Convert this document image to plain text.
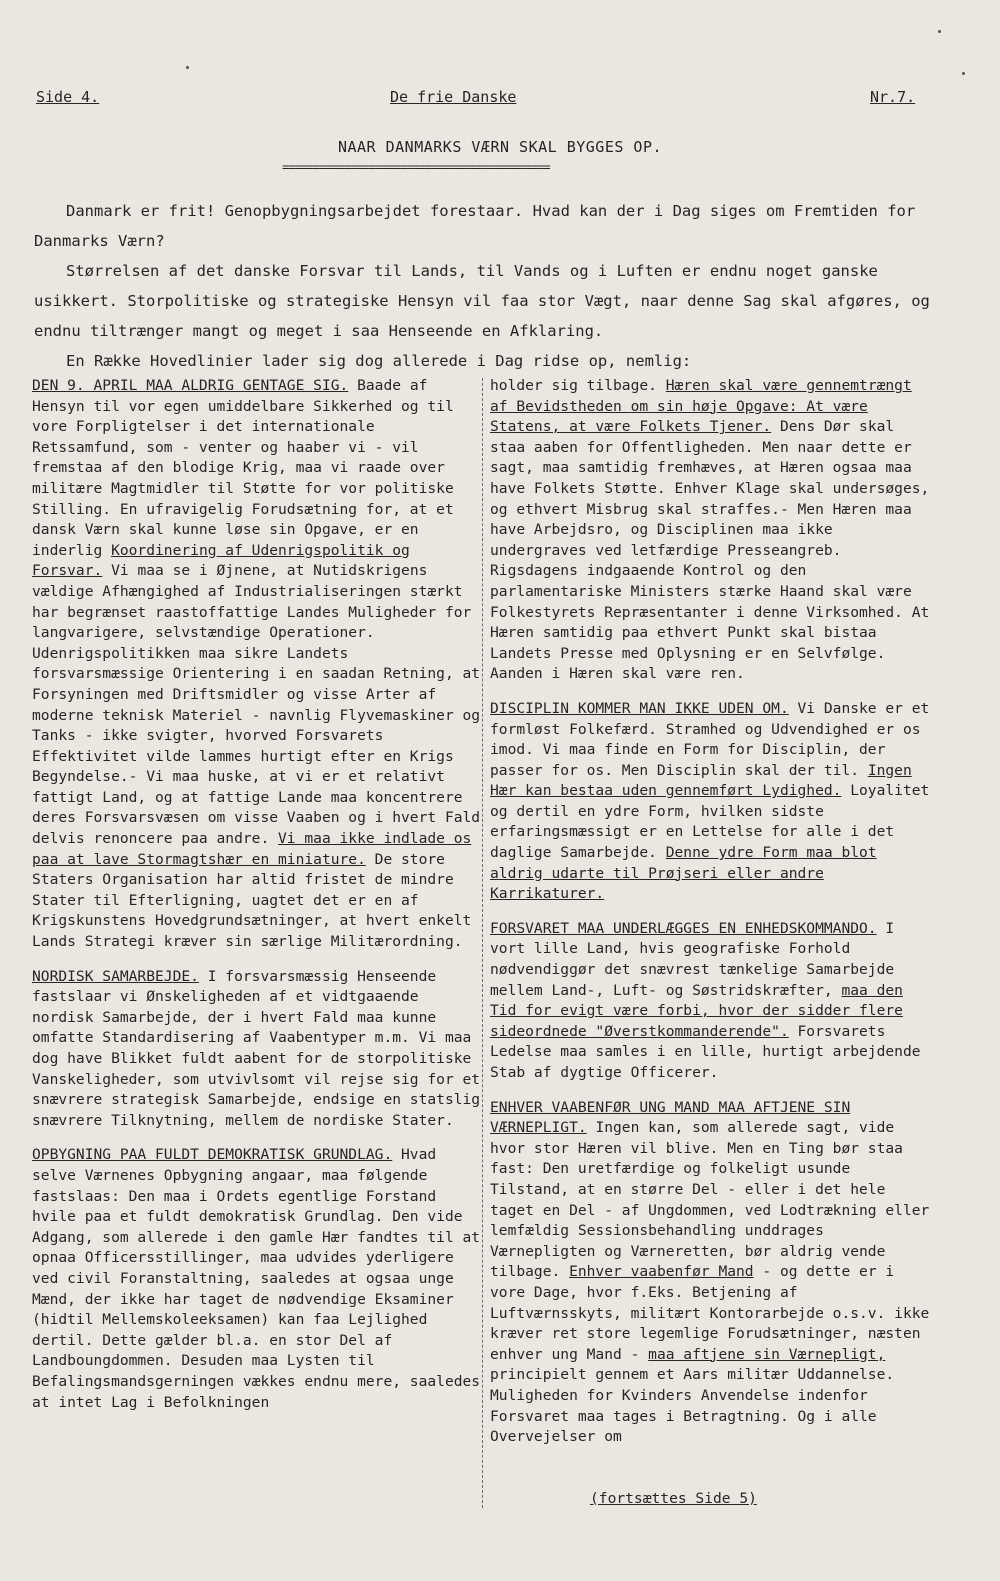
Side 4.	De frie Danske	Nr.7.
NAAR DANMARKS VÆRN SKAL BYGGES OP.
===========================================

Danmark er frit! Genopbygningsarbejdet forestaar. Hvad kan der i Dag siges om Fremtiden for Danmarks Værn?

Størrelsen af det danske Forsvar til Lands, til Vands og i Luften er endnu noget ganske usikkert. Storpolitiske og strategiske Hensyn vil faa stor Vægt, naar denne Sag skal afgøres, og endnu tiltrænger mangt og meget i saa Henseende en Afklaring.

En Række Hovedlinier lader sig dog allerede i Dag ridse op, nemlig:

DEN 9. APRIL MAA ALDRIG GENTAGE SIG. Baade af Hensyn til vor egen umiddelbare Sikkerhed og til vore Forpligtelser i det internationale Retssamfund, som - venter og haaber vi - vil fremstaa af den blodige Krig, maa vi raade over militære Magtmidler til Støtte for vor politiske Stilling. En ufravigelig Forudsætning for, at et dansk Værn skal kunne løse sin Opgave, er en inderlig Koordinering af Udenrigspolitik og Forsvar. Vi maa se i Øjnene, at Nutidskrigens vældige Afhængighed af Industrialiseringen stærkt har begrænset raastoffattige Landes Muligheder for langvarigere, selvstændige Operationer. Udenrigspolitikken maa sikre Landets forsvarsmæssige Orientering i en saadan Retning, at Forsyningen med Driftsmidler og visse Arter af moderne teknisk Materiel - navnlig Flyvemaskiner og Tanks - ikke svigter, hvorved Forsvarets Effektivitet vilde lammes hurtigt efter en Krigs Begyndelse.- Vi maa huske, at vi er et relativt fattigt Land, og at fattige Lande maa koncentrere deres Forsvarsvæsen om visse Vaaben og i hvert Fald delvis renoncere paa andre. Vi maa ikke indlade os paa at lave Stormagtshær en miniature. De store Staters Organisation har altid fristet de mindre Stater til Efterligning, uagtet det er en af Krigskunstens Hovedgrundsætninger, at hvert enkelt Lands Strategi kræver sin særlige Militærordning.

NORDISK SAMARBEJDE. I forsvarsmæssig Henseende fastslaar vi Ønskeligheden af et vidtgaaende nordisk Samarbejde, der i hvert Fald maa kunne omfatte Standardisering af Vaabentyper m.m. Vi maa dog have Blikket fuldt aabent for de storpolitiske Vanskeligheder, som utvivlsomt vil rejse sig for et snævrere strategisk Samarbejde, endsige en statslig snævrere Tilknytning, mellem de nordiske Stater.

OPBYGNING PAA FULDT DEMOKRATISK GRUNDLAG. Hvad selve Værnenes Opbygning angaar, maa følgende fastslaas: Den maa i Ordets egentlige Forstand hvile paa et fuldt demokratisk Grundlag. Den vide Adgang, som allerede i den gamle Hær fandtes til at opnaa Officersstillinger, maa udvides yderligere ved civil Foranstaltning, saaledes at ogsaa unge Mænd, der ikke har taget de nødvendige Eksaminer (hidtil Mellemskoleeksamen) kan faa Lejlighed dertil. Dette gælder bl.a. en stor Del af Landboungdommen. Desuden maa Lysten til Befalingsmandsgerningen vækkes endnu mere, saaledes at intet Lag i Befolkningen

holder sig tilbage. Hæren skal være gennemtrængt af Bevidstheden om sin høje Opgave: At være Statens, at være Folkets Tjener. Dens Dør skal staa aaben for Offentligheden. Men naar dette er sagt, maa samtidig fremhæves, at Hæren ogsaa maa have Folkets Støtte. Enhver Klage skal undersøges, og ethvert Misbrug skal straffes.- Men Hæren maa have Arbejdsro, og Disciplinen maa ikke undergraves ved letfærdige Presseangreb. Rigsdagens indgaaende Kontrol og den parlamentariske Ministers stærke Haand skal være Folkestyrets Repræsentanter i denne Virksomhed. At Hæren samtidig paa ethvert Punkt skal bistaa Landets Presse med Oplysning er en Selvfølge. Aanden i Hæren skal være ren.

DISCIPLIN KOMMER MAN IKKE UDEN OM. Vi Danske er et formløst Folkefærd. Stramhed og Udvendighed er os imod. Vi maa finde en Form for Disciplin, der passer for os. Men Disciplin skal der til. Ingen Hær kan bestaa uden gennemført Lydighed. Loyalitet og dertil en ydre Form, hvilken sidste erfaringsmæssigt er en Lettelse for alle i det daglige Samarbejde. Denne ydre Form maa blot aldrig udarte til Prøjseri eller andre Karrikaturer.

FORSVARET MAA UNDERLÆGGES EN ENHEDSKOMMANDO. I vort lille Land, hvis geografiske Forhold nødvendiggør det snævrest tænkelige Samarbejde mellem Land-, Luft- og Søstridskræfter, maa den Tid for evigt være forbi, hvor der sidder flere sideordnede "Øverstkommanderende". Forsvarets Ledelse maa samles i en lille, hurtigt arbejdende Stab af dygtige Officerer.

ENHVER VAABENFØR UNG MAND MAA AFTJENE SIN VÆRNEPLIGT. Ingen kan, som allerede sagt, vide hvor stor Hæren vil blive. Men en Ting bør staa fast: Den uretfærdige og folkeligt usunde Tilstand, at en større Del - eller i det hele taget en Del - af Ungdommen, ved Lodtrækning eller lemfældig Sessionsbehandling unddrages Værnepligten og Værneretten, bør aldrig vende tilbage. Enhver vaabenfør Mand - og dette er i vore Dage, hvor f.Eks. Betjening af Luftværnsskyts, militært Kontorarbejde o.s.v. ikke kræver ret store legemlige Forudsætninger, næsten enhver ung Mand - maa aftjene sin Værnepligt, principielt gennem et Aars militær Uddannelse. Muligheden for Kvinders Anvendelse indenfor Forsvaret maa tages i Betragtning. Og i alle Overvejelser om

(fortsættes Side 5)
